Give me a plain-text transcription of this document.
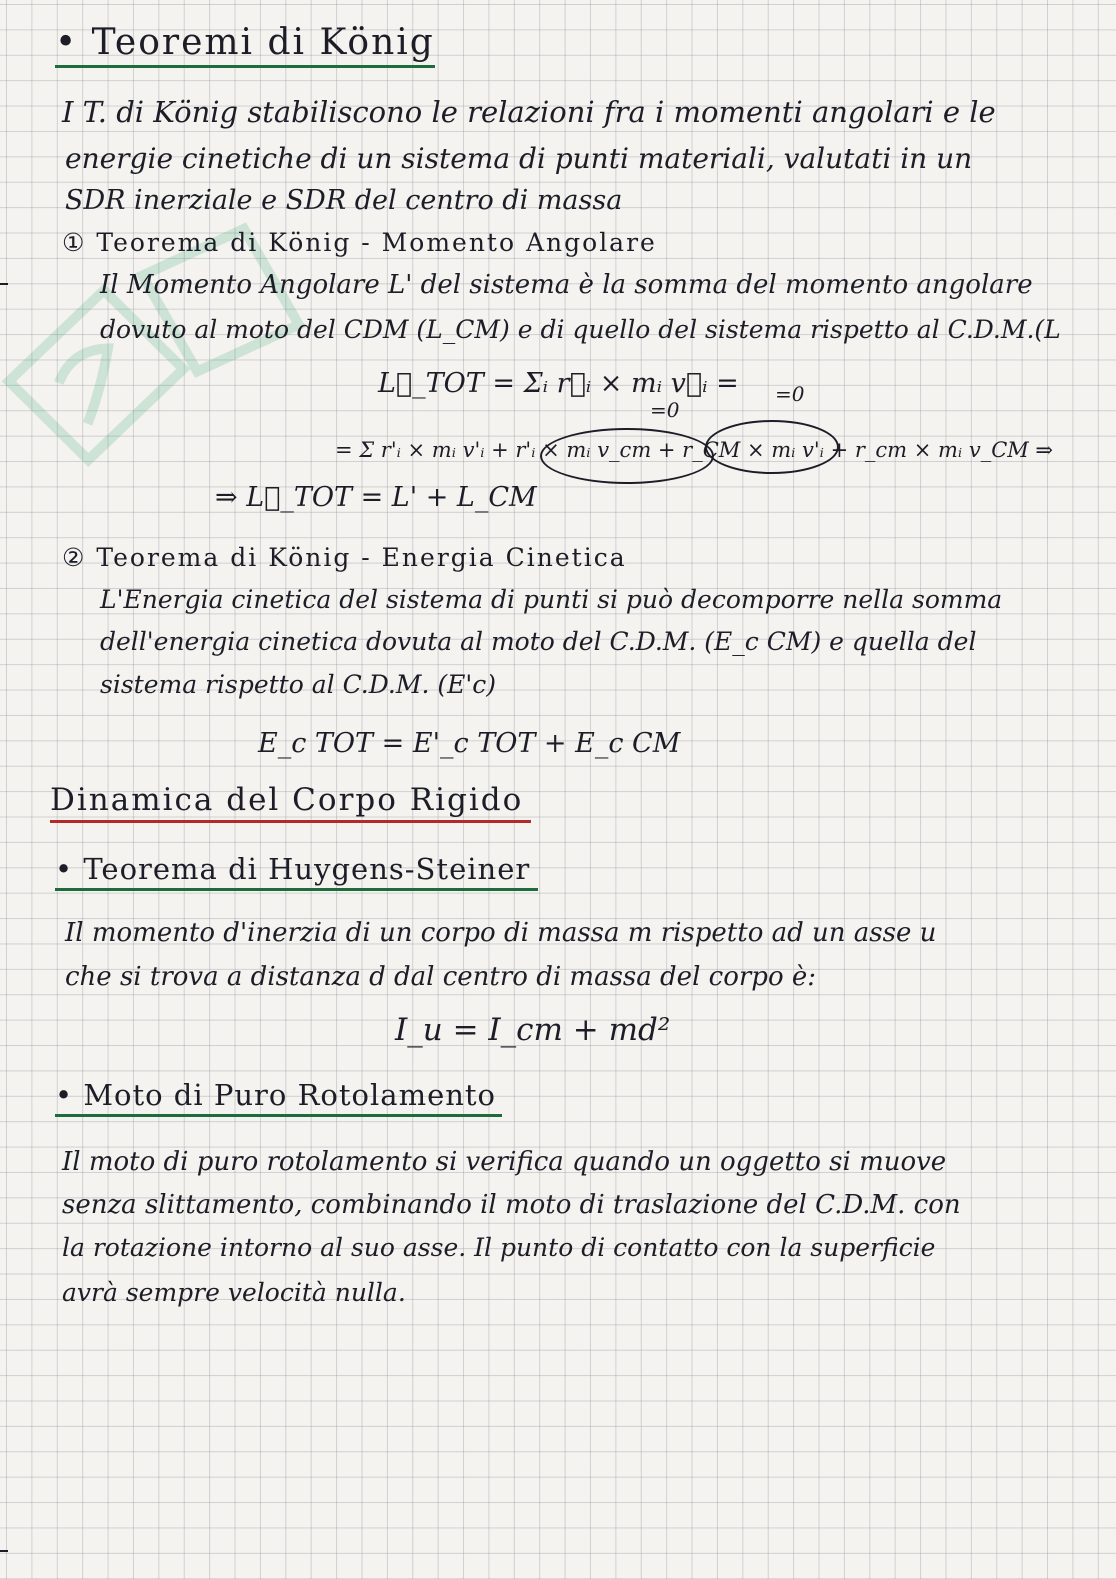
• Teoremi di König
I T. di König stabiliscono le relazioni fra i momenti angolari e le
energie cinetiche di un sistema di punti materiali, valutati in un
SDR inerziale e SDR del centro di massa
① Teorema di König - Momento Angolare
Il Momento Angolare L' del sistema è la somma del momento angolare
dovuto al moto del CDM (L_CM) e di quello del sistema rispetto al C.D.M.(L
L⃗_TOT = Σᵢ r⃗ᵢ × mᵢ v⃗ᵢ =
= Σ r'ᵢ × mᵢ v'ᵢ + r'ᵢ × mᵢ v_cm + r_CM × mᵢ v'ᵢ + r_cm × mᵢ v_CM ⇒
⇒ L⃗_TOT = L' + L_CM
=0
=0
② Teorema di König - Energia Cinetica
L'Energia cinetica del sistema di punti si può decomporre nella somma
dell'energia cinetica dovuta al moto del C.D.M. (E_c CM) e quella del
sistema rispetto al C.D.M. (E'c)
E_c TOT = E'_c TOT + E_c CM
Dinamica del Corpo Rigido
• Teorema di Huygens-Steiner
Il momento d'inerzia di un corpo di massa m rispetto ad un asse u
che si trova a distanza d dal centro di massa del corpo è:
I_u = I_cm + md²
• Moto di Puro Rotolamento
Il moto di puro rotolamento si verifica quando un oggetto si muove
senza slittamento, combinando il moto di traslazione del C.D.M. con
la rotazione intorno al suo asse. Il punto di contatto con la superficie
avrà sempre velocità nulla.
